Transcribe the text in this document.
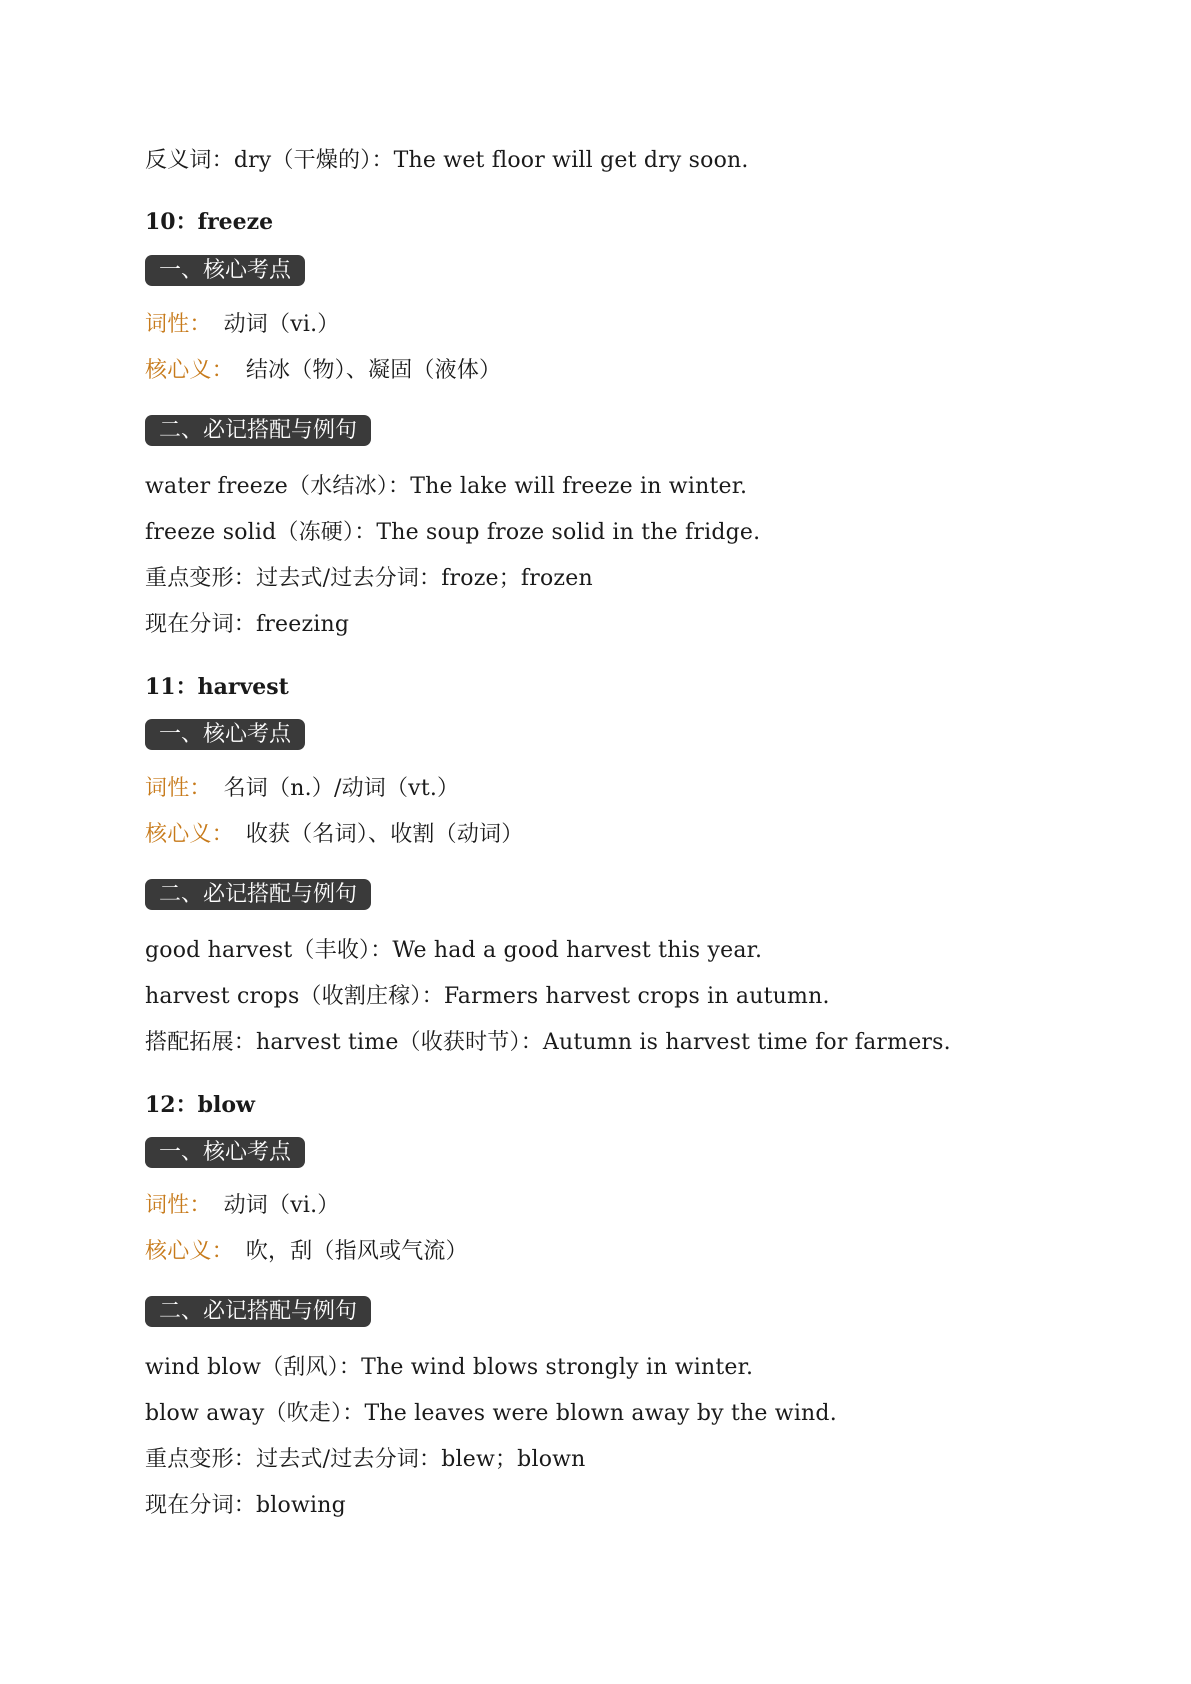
反义词：dry（干燥的）：The wet floor will get dry soon.
10：freeze
一、核心考点
词性： 动词（vi.）
核心义： 结冰（物）、凝固（液体）
二、必记搭配与例句
water freeze（水结冰）：The lake will freeze in winter.
freeze solid（冻硬）：The soup froze solid in the fridge.
重点变形：过去式/过去分词：froze；frozen
现在分词：freezing
11：harvest
一、核心考点
词性： 名词（n.）/动词（vt.）
核心义： 收获（名词）、收割（动词）
二、必记搭配与例句
good harvest（丰收）：We had a good harvest this year.
harvest crops（收割庄稼）：Farmers harvest crops in autumn.
搭配拓展：harvest time（收获时节）：Autumn is harvest time for farmers.
12：blow
一、核心考点
词性： 动词（vi.）
核心义： 吹，刮（指风或气流）
二、必记搭配与例句
wind blow（刮风）：The wind blows strongly in winter.
blow away（吹走）：The leaves were blown away by the wind.
重点变形：过去式/过去分词：blew；blown
现在分词：blowing
